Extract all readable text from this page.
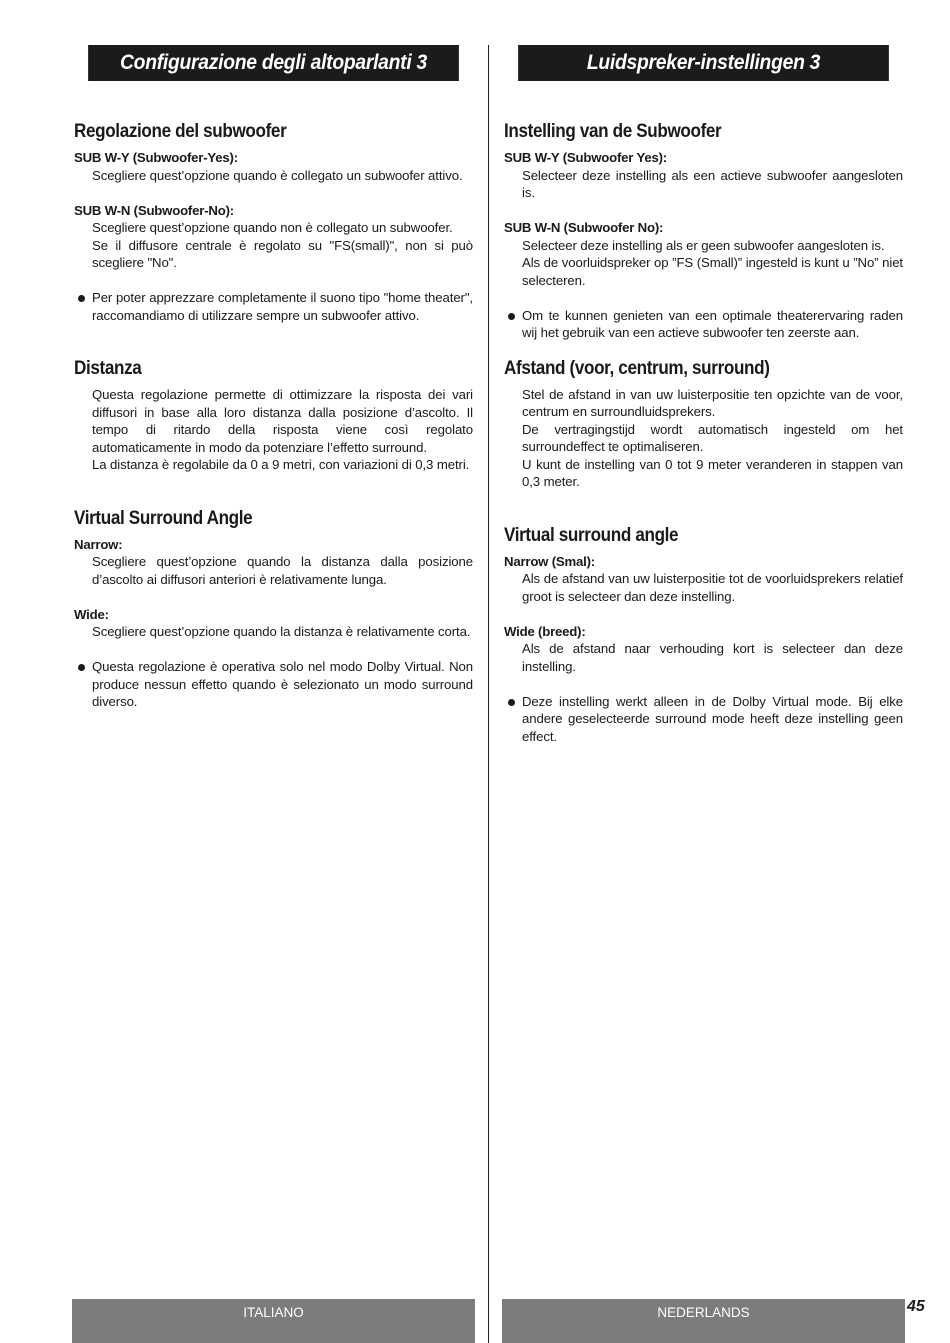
Configurazione degli altoparlanti 3
Regolazione del subwoofer

SUB W-Y (Subwoofer-Yes):

Scegliere quest’opzione quando è collegato un subwoofer attivo.

SUB W-N (Subwoofer-No):

Scegliere quest’opzione quando non è collegato un subwoofer.

Se il diffusore centrale è regolato su "FS(small)", non si può scegliere "No".

Per poter apprezzare completamente il suono tipo "home theater", raccomandiamo di utilizzare sempre un subwoofer attivo.
Distanza

Questa regolazione permette di ottimizzare la risposta dei vari diffusori in base alla loro distanza dalla posizione d’ascolto. Il tempo di ritardo della risposta viene così regolato automaticamente in modo da potenziare l’effetto surround.

La distanza è regolabile da 0 a 9 metri, con variazioni di 0,3 metri.

Virtual Surround Angle

Narrow:

Scegliere quest’opzione quando la distanza dalla posizione d’ascolto ai diffusori anteriori è relativamente lunga.

Wide:

Scegliere quest’opzione quando la distanza è relativamente corta.

Questa regolazione è operativa solo nel modo Dolby Virtual. Non produce nessun effetto quando è selezionato un modo surround diverso.
Luidspreker-instellingen 3
Instelling van de Subwoofer

SUB W-Y (Subwoofer Yes):

Selecteer deze instelling als een actieve subwoofer aangesloten is.

SUB W-N (Subwoofer No):

Selecteer deze instelling als er geen subwoofer aangesloten is.

Als de voorluidspreker op ”FS (Small)” ingesteld is kunt u ”No” niet selecteren.

Om te kunnen genieten van een optimale theaterervaring raden wij het gebruik van een actieve subwoofer ten zeerste aan.
Afstand (voor, centrum, surround)

Stel de afstand in van uw luisterpositie ten opzichte van de voor, centrum en surroundluidsprekers.

De vertragingstijd wordt automatisch ingesteld om het surroundeffect te optimaliseren.

U kunt de instelling van 0 tot 9 meter veranderen in stappen van 0,3 meter.

Virtual surround angle

Narrow (Smal):

Als de afstand van uw luisterpositie tot de voorluidsprekers relatief groot is selecteer dan deze instelling.

Wide (breed):

Als de afstand naar verhouding kort is selecteer dan deze instelling.

Deze instelling werkt alleen in de Dolby Virtual mode. Bij elke andere geselecteerde surround mode heeft deze instelling geen effect.
ITALIANO	NEDERLANDS	45
